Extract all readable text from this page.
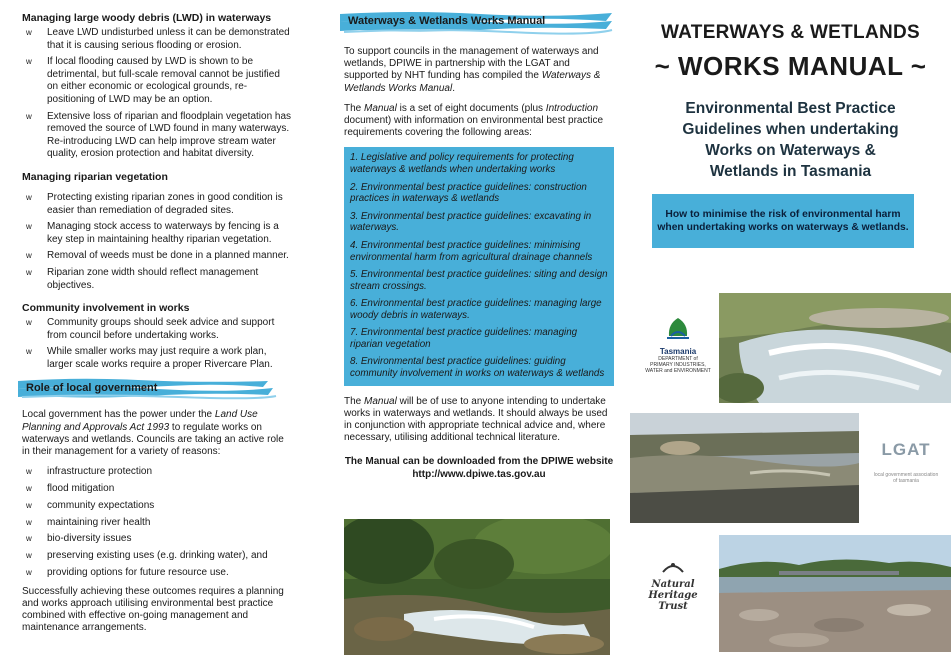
Managing large woody debris (LWD) in waterways
w Leave LWD undisturbed unless it can be demonstrated that it is causing serious flooding or erosion.
w If local flooding caused by LWD is shown to be detrimental, but full-scale removal cannot be justified on either economic or ecological grounds, re-positioning of LWD may be an option.
w Extensive loss of riparian and floodplain vegetation has removed the source of LWD found in many waterways. Re-introducing LWD can help improve stream water quality, erosion protection and habitat diversity.
Managing riparian vegetation
w Protecting existing riparian zones in good condition is easier than remediation of degraded sites.
w Managing stock access to waterways by fencing is a key step in maintaining healthy riparian vegetation.
w Removal of weeds must be done in a planned manner.
w Riparian zone width should reflect management objectives.
Community involvement in works
w Community groups should seek advice and support from council before undertaking works.
w While smaller works may just require a work plan, larger scale works require a proper Rivercare Plan.
Role of local government

Local government has the power under the Land Use Planning and Approvals Act 1993 to regulate works on waterways and wetlands. Councils are taking an active role in their management for a variety of reasons:

w infrastructure protection
w flood mitigation
w community expectations
w maintaining river health
w bio-diversity issues
w preserving existing uses (e.g. drinking water), and
w providing options for future resource use.

Successfully achieving these outcomes requires a planning and works approach utilising environmental best practice combined with effective on-going management and maintenance arrangements.

Waterways & Wetlands Works Manual

To support councils in the management of waterways and wetlands, DPIWE in partnership with the LGAT and supported by NHT funding has compiled the Waterways & Wetlands Works Manual.

The Manual is a set of eight documents (plus Introduction document) with information on environmental best practice requirements covering the following areas:

1. Legislative and policy requirements for protecting waterways & wetlands when undertaking works
2. Environmental best practice guidelines: construction practices in waterways & wetlands
3. Environmental best practice guidelines: excavating in waterways.
4. Environmental best practice guidelines: minimising environmental harm from agricultural drainage channels
5. Environmental best practice guidelines: siting and design stream crossings.
6. Environmental best practice guidelines: managing large woody debris in waterways.
7. Environmental best practice guidelines: managing riparian vegetation
8. Environmental best practice guidelines: guiding community involvement in works on waterways & wetlands

The Manual will be of use to anyone intending to undertake works in waterways and wetlands. It should always be used in conjunction with appropriate technical advice and, where necessary, utilising additional technical literature.

The Manual can be downloaded from the DPIWE website
http://www.dpiwe.tas.gov.au
WATERWAYS & WETLANDS
~ WORKS MANUAL ~
Environmental Best Practice
Guidelines when undertaking
Works on Waterways &
Wetlands in Tasmania
How to minimise the risk of environmental harm when undertaking works on waterways & wetlands.
Tasmania
DEPARTMENT of
PRIMARY INDUSTRIES,
WATER and ENVIRONMENT
LGAT
local government association
of tasmania
Natural Heritage Trust
